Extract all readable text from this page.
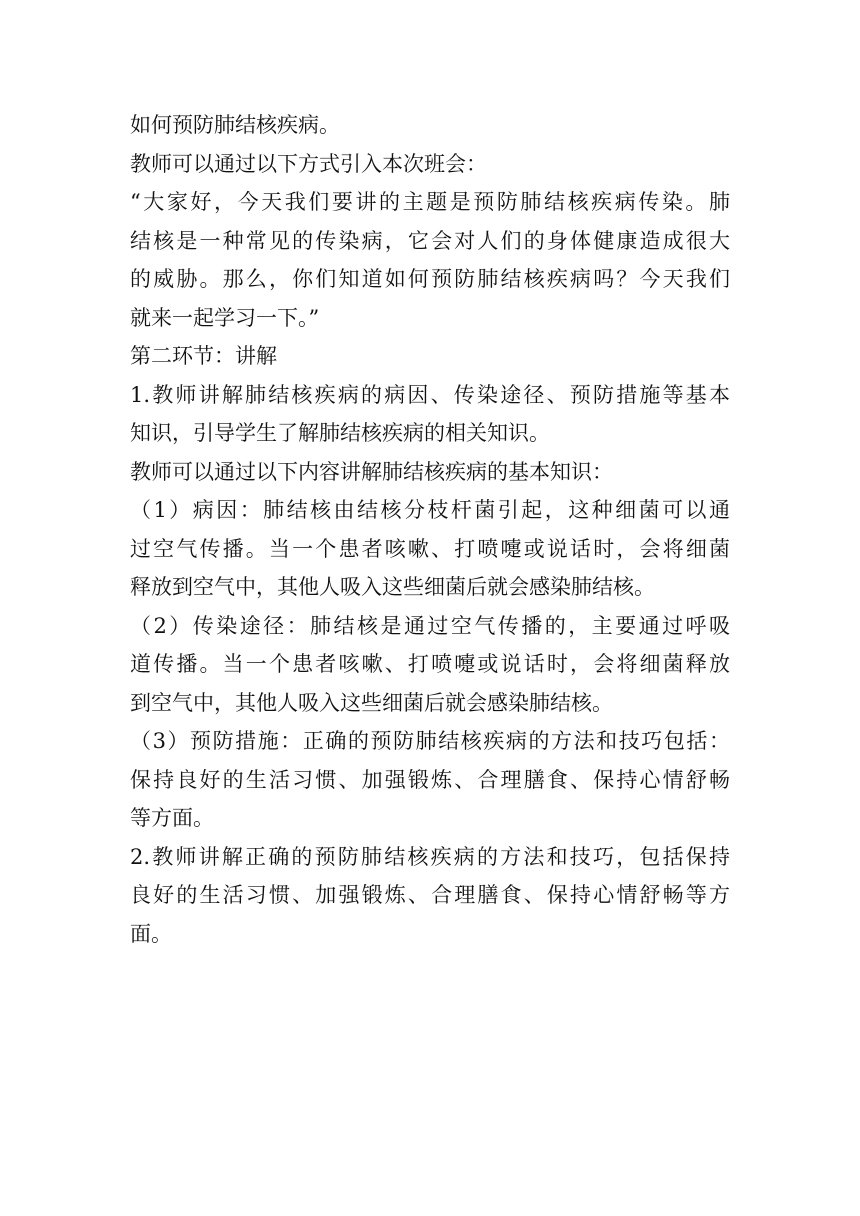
如何预防肺结核疾病。
教师可以通过以下方式引入本次班会：
“大家好，今天我们要讲的主题是预防肺结核疾病传染。肺
结核是一种常见的传染病，它会对人们的身体健康造成很大
的威胁。那么，你们知道如何预防肺结核疾病吗？今天我们
就来一起学习一下。”
第二环节：讲解
1.教师讲解肺结核疾病的病因、传染途径、预防措施等基本
知识，引导学生了解肺结核疾病的相关知识。
教师可以通过以下内容讲解肺结核疾病的基本知识：
（1）病因：肺结核由结核分枝杆菌引起，这种细菌可以通
过空气传播。当一个患者咳嗽、打喷嚏或说话时，会将细菌
释放到空气中，其他人吸入这些细菌后就会感染肺结核。
（2）传染途径：肺结核是通过空气传播的，主要通过呼吸
道传播。当一个患者咳嗽、打喷嚏或说话时，会将细菌释放
到空气中，其他人吸入这些细菌后就会感染肺结核。
（3）预防措施：正确的预防肺结核疾病的方法和技巧包括：
保持良好的生活习惯、加强锻炼、合理膳食、保持心情舒畅
等方面。
2.教师讲解正确的预防肺结核疾病的方法和技巧，包括保持
良好的生活习惯、加强锻炼、合理膳食、保持心情舒畅等方
面。
